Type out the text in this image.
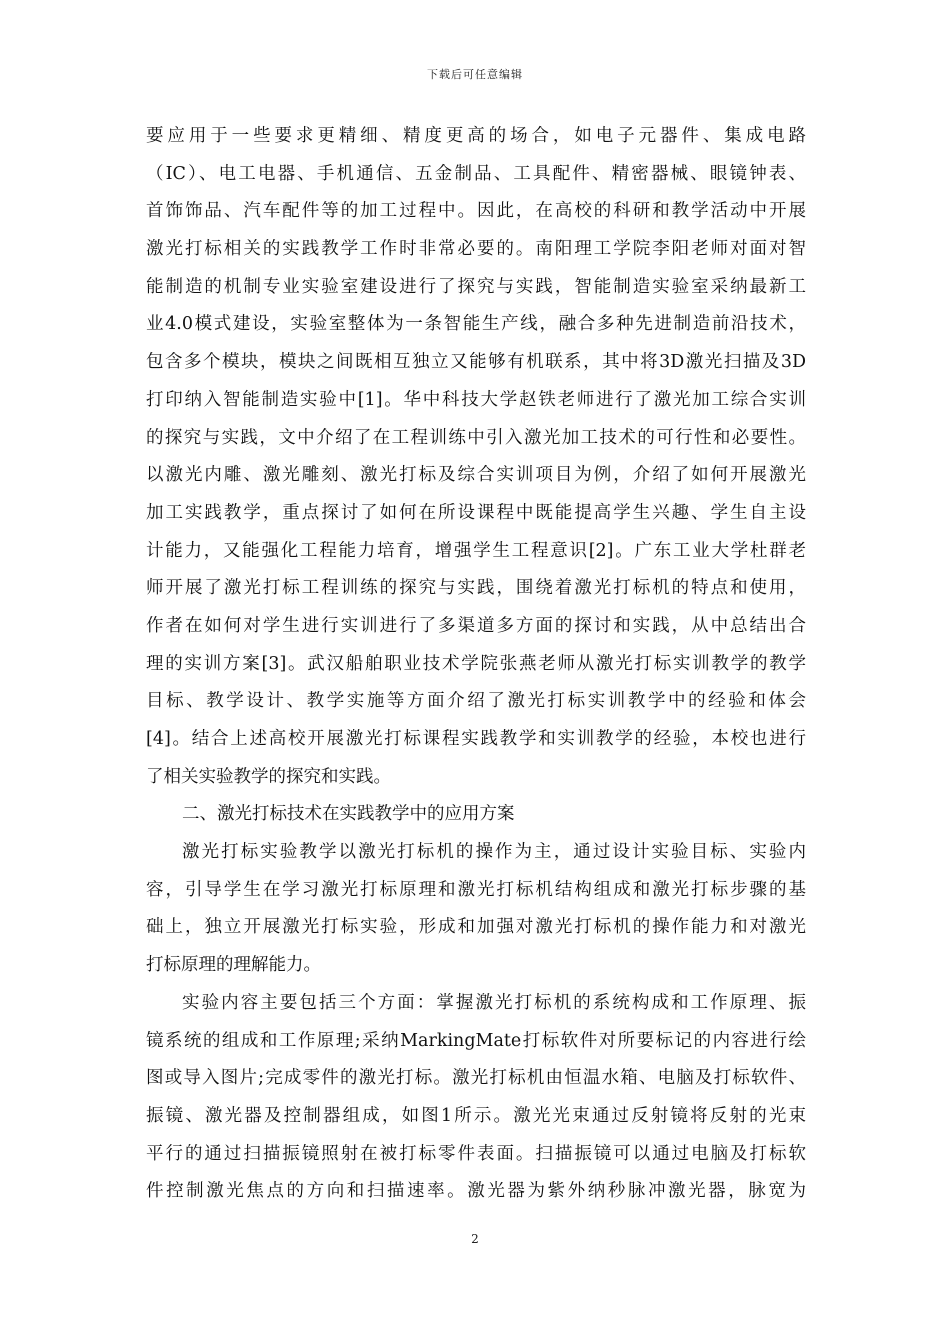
下载后可任意编辑
要应用于一些要求更精细、精度更高的场合，如电子元器件、集成电路
（IC）、电工电器、手机通信、五金制品、工具配件、精密器械、眼镜钟表、
首饰饰品、汽车配件等的加工过程中。因此，在高校的科研和教学活动中开展
激光打标相关的实践教学工作时非常必要的。南阳理工学院李阳老师对面对智
能制造的机制专业实验室建设进行了探究与实践，智能制造实验室采纳最新工
业4.0模式建设，实验室整体为一条智能生产线，融合多种先进制造前沿技术，
包含多个模块，模块之间既相互独立又能够有机联系，其中将3D激光扫描及3D
打印纳入智能制造实验中[1]。华中科技大学赵铁老师进行了激光加工综合实训
的探究与实践，文中介绍了在工程训练中引入激光加工技术的可行性和必要性。
以激光内雕、激光雕刻、激光打标及综合实训项目为例，介绍了如何开展激光
加工实践教学，重点探讨了如何在所设课程中既能提高学生兴趣、学生自主设
计能力，又能强化工程能力培育，增强学生工程意识[2]。广东工业大学杜群老
师开展了激光打标工程训练的探究与实践，围绕着激光打标机的特点和使用，
作者在如何对学生进行实训进行了多渠道多方面的探讨和实践，从中总结出合
理的实训方案[3]。武汉船舶职业技术学院张燕老师从激光打标实训教学的教学
目标、教学设计、教学实施等方面介绍了激光打标实训教学中的经验和体会
[4]。结合上述高校开展激光打标课程实践教学和实训教学的经验，本校也进行
了相关实验教学的探究和实践。
二、激光打标技术在实践教学中的应用方案
激光打标实验教学以激光打标机的操作为主，通过设计实验目标、实验内
容，引导学生在学习激光打标原理和激光打标机结构组成和激光打标步骤的基
础上，独立开展激光打标实验，形成和加强对激光打标机的操作能力和对激光
打标原理的理解能力。
实验内容主要包括三个方面：掌握激光打标机的系统构成和工作原理、振
镜系统的组成和工作原理;采纳MarkingMate打标软件对所要标记的内容进行绘
图或导入图片;完成零件的激光打标。激光打标机由恒温水箱、电脑及打标软件、
振镜、激光器及控制器组成，如图1所示。激光光束通过反射镜将反射的光束
平行的通过扫描振镜照射在被打标零件表面。扫描振镜可以通过电脑及打标软
件控制激光焦点的方向和扫描速率。激光器为紫外纳秒脉冲激光器，脉宽为
2
